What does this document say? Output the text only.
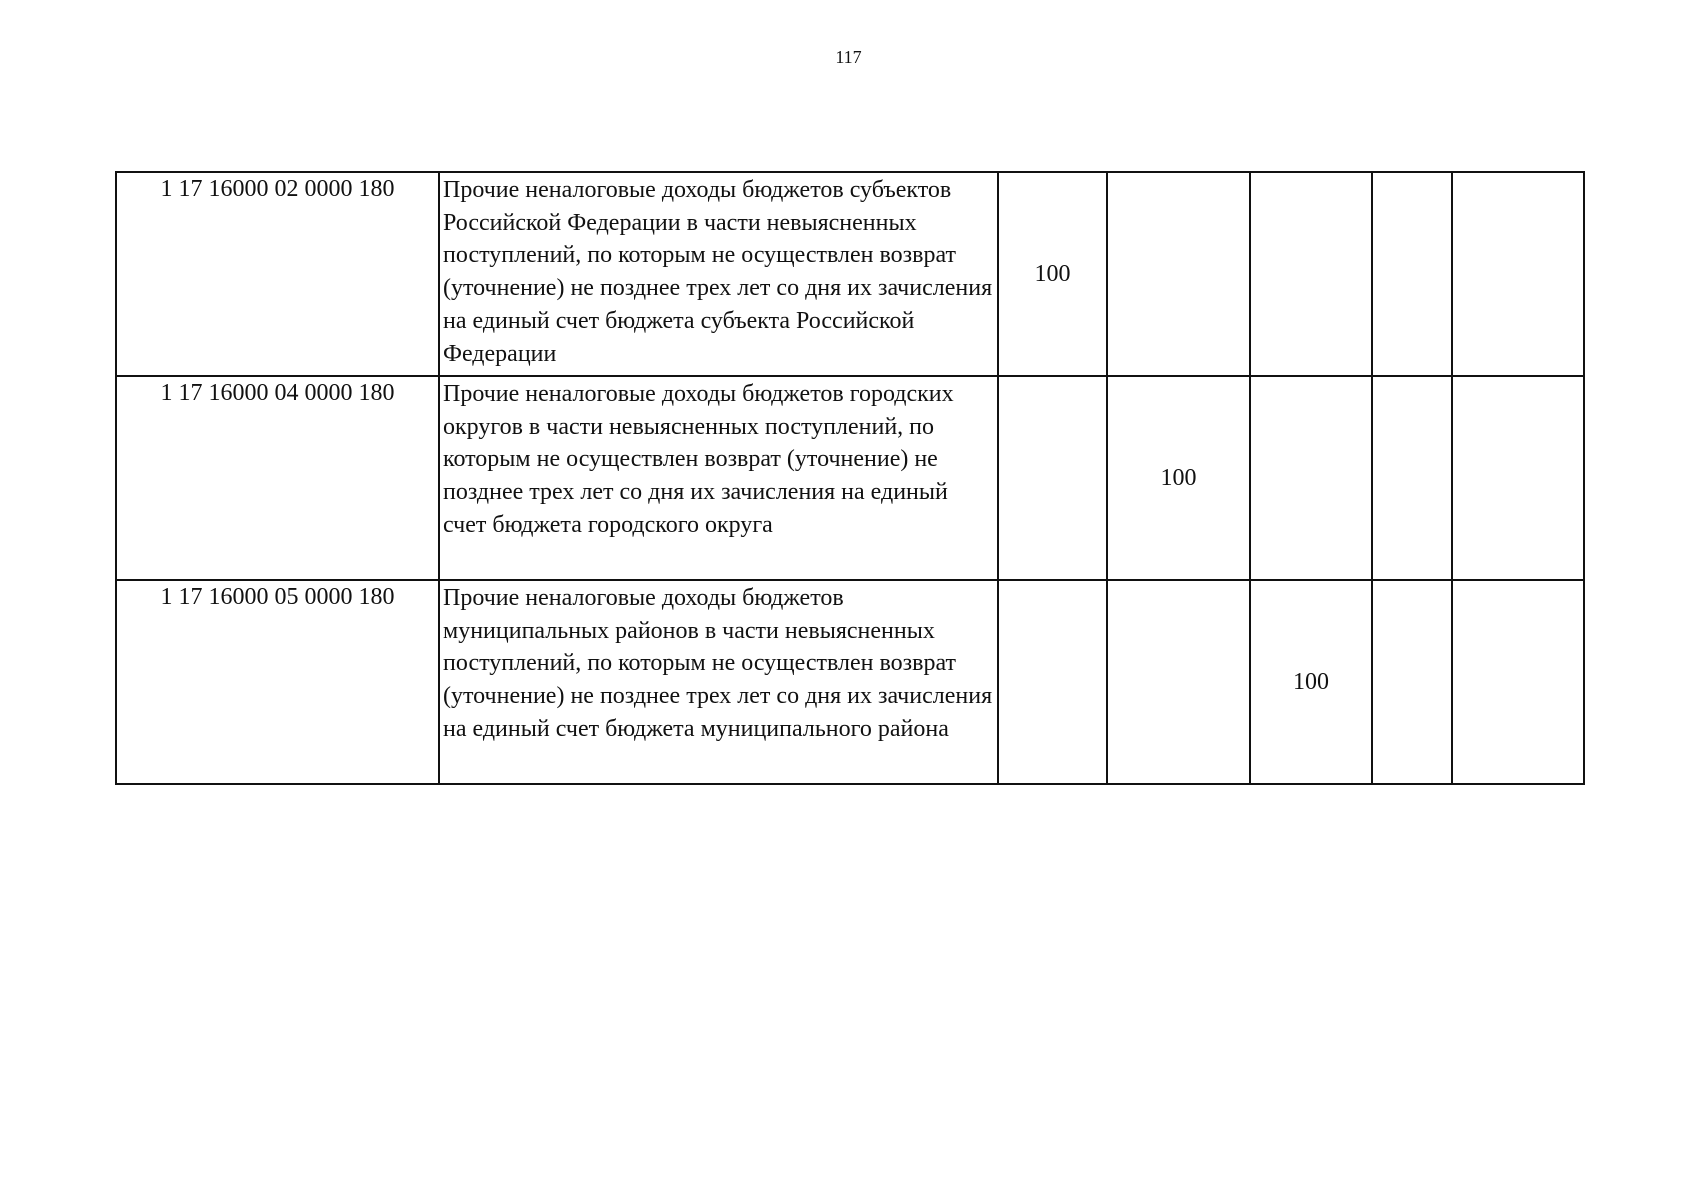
117
1 17 16000 02 0000 180	Прочие неналоговые доходы бюджетов субъектов Российской Федерации в части невыясненных поступлений, по которым не осуществлен возврат (уточнение) не позднее трех лет со дня их зачисления на единый счет бюджета субъекта Российской Федерации	100				
1 17 16000 04 0000 180	Прочие неналоговые доходы бюджетов городских округов в части невыясненных поступлений, по которым не осуществлен возврат (уточнение) не позднее трех лет со дня их зачисления на единый счет бюджета городского округа		100			
1 17 16000 05 0000 180	Прочие неналоговые доходы бюджетов муниципальных районов в части невыясненных поступлений, по которым не осуществлен возврат (уточнение) не позднее трех лет со дня их зачисления на единый счет бюджета муниципального района			100		
